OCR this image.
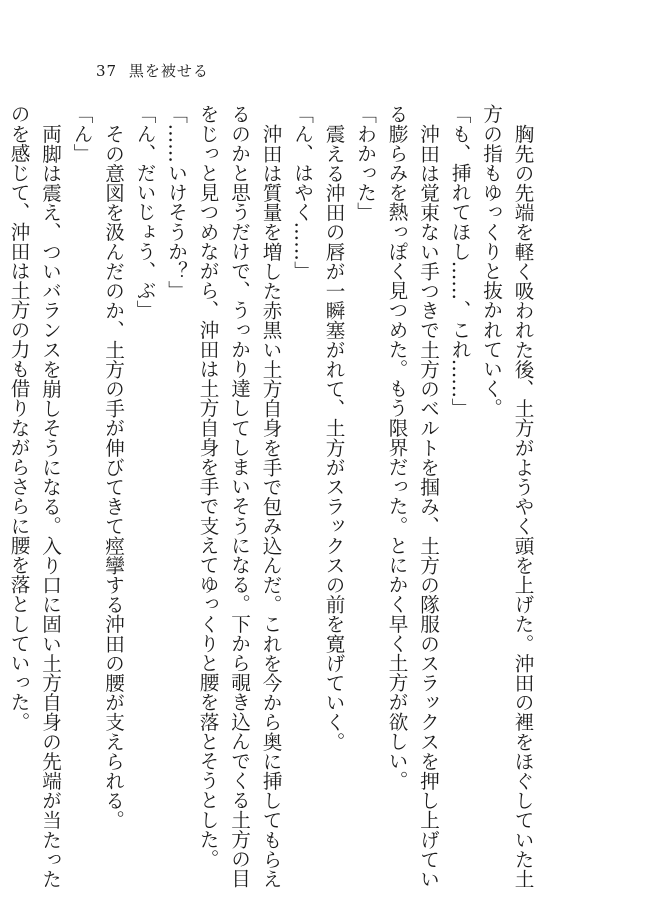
37 黒を被せる

胸先の先端を軽く吸われた後、土方がようやく頭を上げた。沖田の裡をほぐしていた土

方の指もゆっくりと抜かれていく。

「も、挿れてほし……、これ……」

沖田は覚束ない手つきで土方のベルトを掴み、土方の隊服のスラックスを押し上げてい

る膨らみを熱っぽく見つめた。もう限界だった。とにかく早く土方が欲しい。

「わかった」

震える沖田の唇が一瞬塞がれて、土方がスラックスの前を寛げていく。

「ん、はやく……」

沖田は質量を増した赤黒い土方自身を手で包み込んだ。これを今から奥に挿してもらえ

るのかと思うだけで、うっかり達してしまいそうになる。下から覗き込んでくる土方の目

をじっと見つめながら、沖田は土方自身を手で支えてゆっくりと腰を落とそうとした。

「……いけそうか？」

「ん、だいじょう、ぶ」

その意図を汲んだのか、土方の手が伸びてきて痙攣する沖田の腰が支えられる。

「ん」

両脚は震え、ついバランスを崩しそうになる。入り口に固い土方自身の先端が当たった

のを感じて、沖田は土方の力も借りながらさらに腰を落としていった。
